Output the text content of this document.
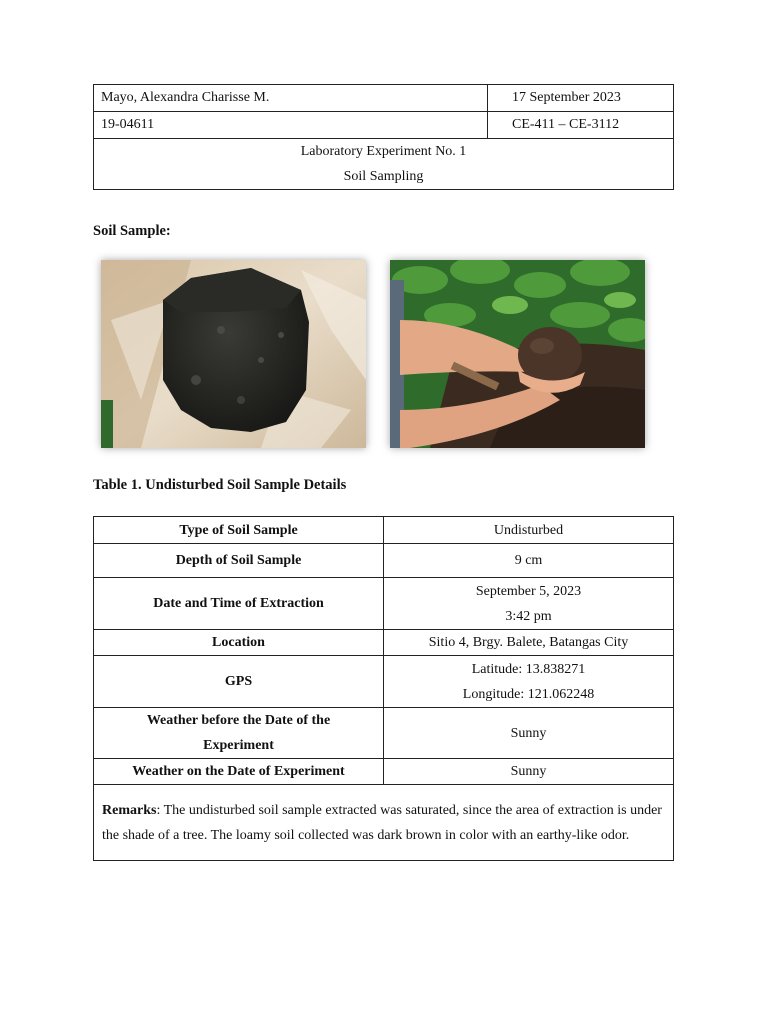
Mayo, Alexandra Charisse M.	17 September 2023
19-04611	CE-411 – CE-3112

Laboratory Experiment No. 1
Soil Sampling	
Soil Sample:
Table 1. Undisturbed Soil Sample Details
Type of Soil Sample	Undisturbed
Depth of Soil Sample	9 cm
Date and Time of Extraction	September 5, 2023
3:42 pm

Location	Sitio 4, Brgy. Balete, Batangas City
GPS	Latitude: 13.838271
Longitude: 121.062248

Weather before the Date of the
Experiment	Sunny
Weather on the Date of Experiment	Sunny
Remarks: The undisturbed soil sample extracted was saturated, since the area of extraction is under the shade of a tree. The loamy soil collected was dark brown in color with an earthy-like odor.	
